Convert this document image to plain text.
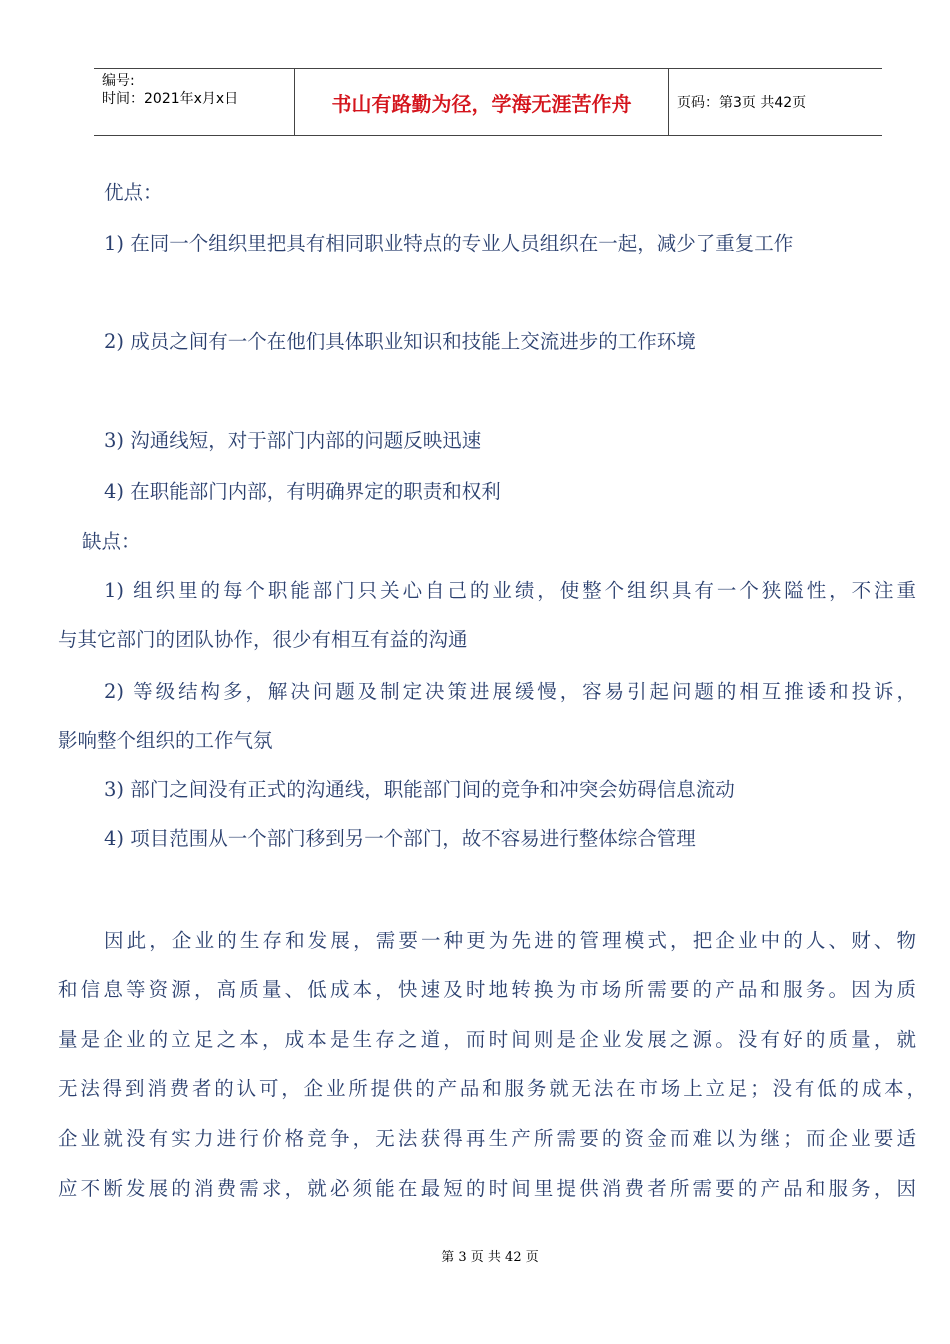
编号:
时间：2021年x月x日	书山有路勤为径，学海无涯苦作舟	页码：第3页 共42页
优点：
1) 在同一个组织里把具有相同职业特点的专业人员组织在一起，减少了重复工作
2) 成员之间有一个在他们具体职业知识和技能上交流进步的工作环境
3) 沟通线短，对于部门内部的问题反映迅速
4) 在职能部门内部，有明确界定的职责和权利
缺点：
1) 组织里的每个职能部门只关心自己的业绩，使整个组织具有一个狭隘性，不注重
与其它部门的团队协作，很少有相互有益的沟通
2) 等级结构多，解决问题及制定决策进展缓慢，容易引起问题的相互推诿和投诉，
影响整个组织的工作气氛
3) 部门之间没有正式的沟通线，职能部门间的竞争和冲突会妨碍信息流动
4) 项目范围从一个部门移到另一个部门，故不容易进行整体综合管理
因此，企业的生存和发展，需要一种更为先进的管理模式，把企业中的人、财、物
和信息等资源，高质量、低成本，快速及时地转换为市场所需要的产品和服务。因为质
量是企业的立足之本，成本是生存之道，而时间则是企业发展之源。没有好的质量，就
无法得到消费者的认可，企业所提供的产品和服务就无法在市场上立足；没有低的成本，
企业就没有实力进行价格竞争，无法获得再生产所需要的资金而难以为继；而企业要适
应不断发展的消费需求，就必须能在最短的时间里提供消费者所需要的产品和服务，因
第 3 页 共 42 页
